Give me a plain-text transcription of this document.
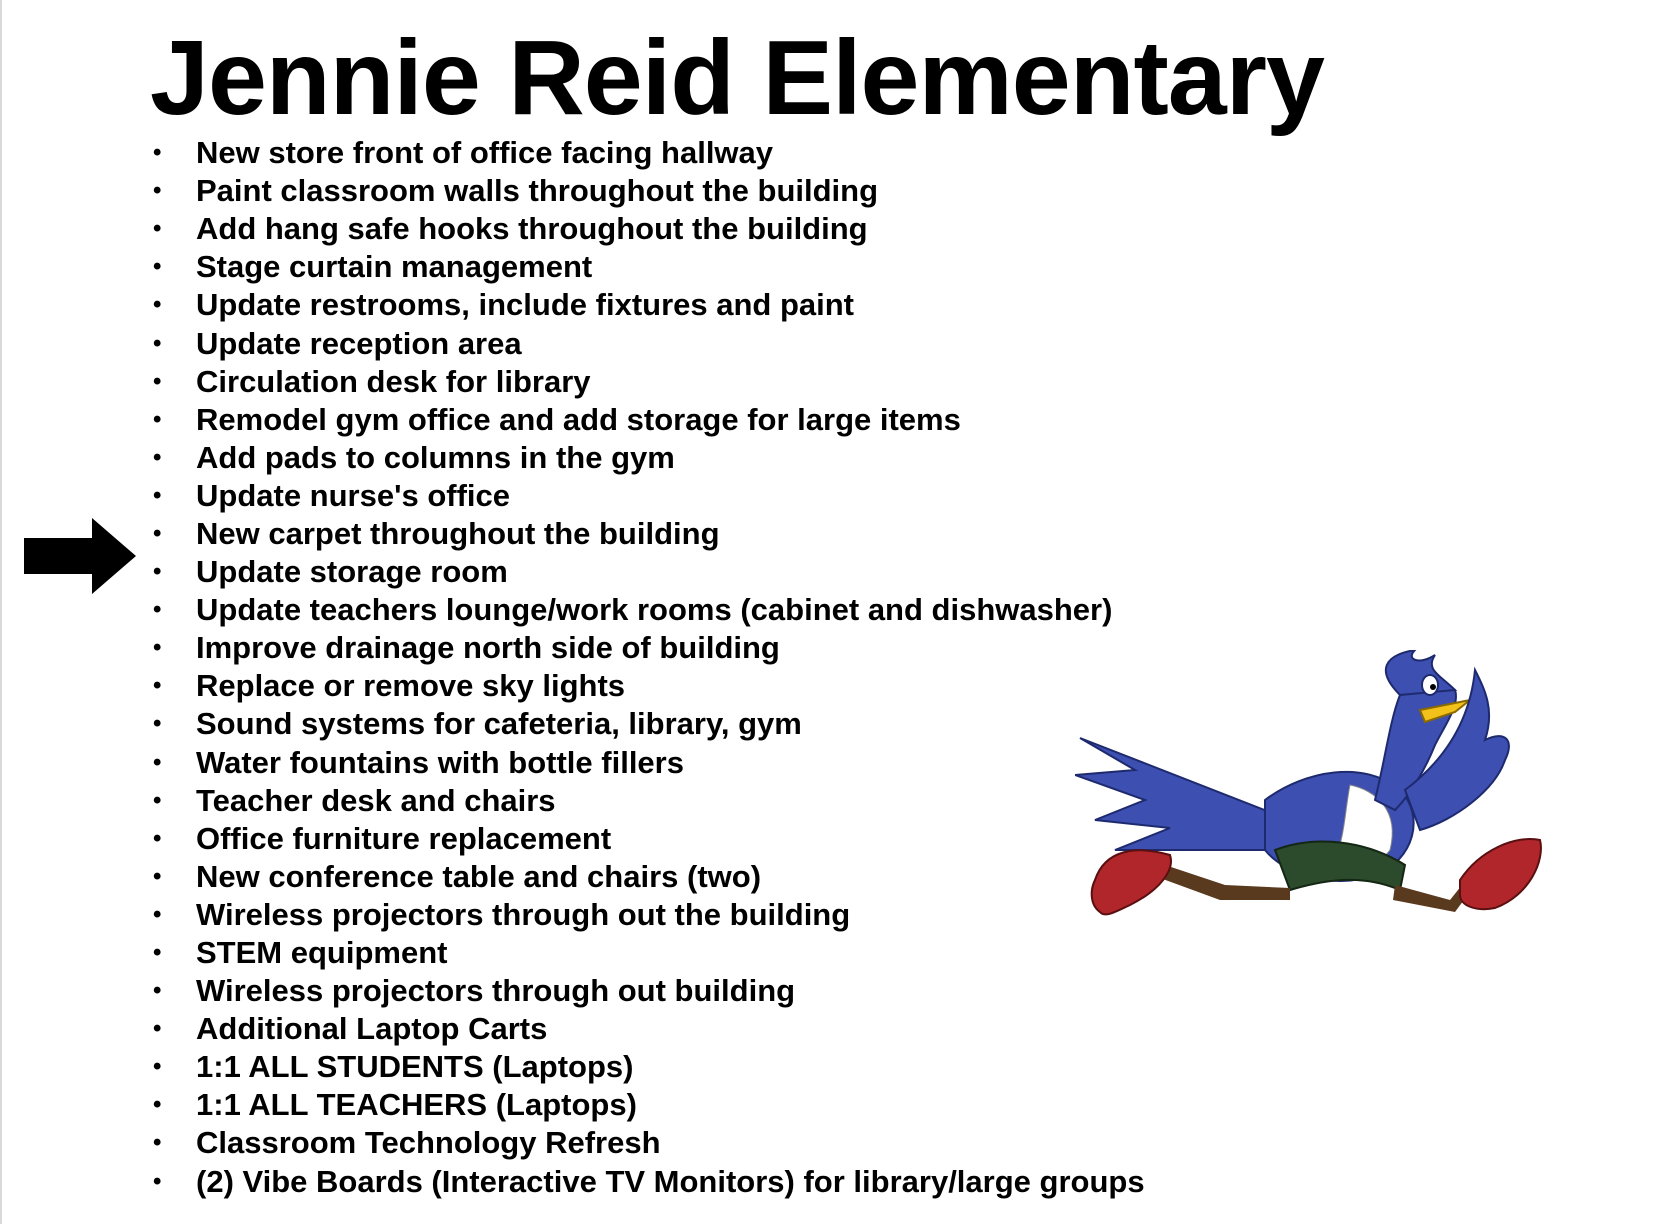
Jennie Reid Elementary
•	New store front of office facing hallway
•	Paint classroom walls throughout the building
•	Add hang safe hooks throughout the building
•	Stage curtain management
•	Update restrooms, include fixtures and paint
•	Update reception area
•	Circulation desk for library
•	Remodel gym office and add storage for large items
•	Add pads to columns in the gym
•	Update nurse's office
•	New carpet throughout the building
•	Update storage room
•	Update teachers lounge/work rooms (cabinet and dishwasher)
•	Improve drainage north side of building
•	Replace or remove sky lights
•	Sound systems for cafeteria, library, gym
•	Water fountains with bottle fillers
•	Teacher desk and chairs
•	Office furniture replacement
•	New conference table and chairs (two)
•	Wireless projectors through out the building
•	STEM equipment
•	Wireless projectors through out building
•	Additional Laptop Carts
•	1:1 ALL STUDENTS (Laptops)
•	1:1 ALL TEACHERS (Laptops)
•	Classroom Technology Refresh
•	(2) Vibe Boards (Interactive TV Monitors) for library/large groups
